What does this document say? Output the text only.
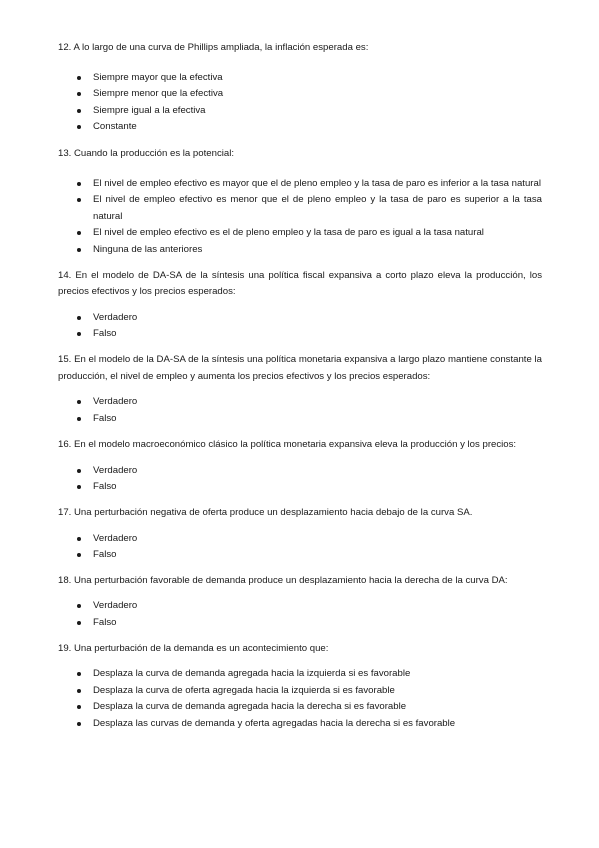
12. A lo largo de una curva de Phillips ampliada, la inflación esperada es:

Siempre mayor que la efectiva
Siempre menor que la efectiva
Siempre igual a la efectiva
Constante

13. Cuando la producción es la potencial:

El nivel de empleo efectivo es mayor que el de pleno empleo y la tasa de paro es inferior a la tasa natural
El nivel de empleo efectivo es menor que el de pleno empleo y la tasa de paro es superior a la tasa natural
El nivel de empleo efectivo es el de pleno empleo y la tasa de paro es igual a la tasa natural
Ninguna de las anteriores

14. En el modelo de DA-SA de la síntesis una política fiscal expansiva a corto plazo eleva la producción, los precios efectivos y los precios esperados:

Verdadero
Falso

15. En el modelo de la DA-SA de la síntesis una política monetaria expansiva a largo plazo mantiene constante la producción, el nivel de empleo y aumenta los precios efectivos y los precios esperados:

Verdadero
Falso

16. En el modelo macroeconómico clásico la política monetaria expansiva eleva la producción y los precios:

Verdadero
Falso

17. Una perturbación negativa de oferta produce un desplazamiento hacia debajo de la curva SA.

Verdadero
Falso

18. Una perturbación favorable de demanda produce un desplazamiento hacia la derecha de la curva DA:

Verdadero
Falso

19. Una perturbación de la demanda es un acontecimiento que:

Desplaza la curva de demanda agregada hacia la izquierda si es favorable
Desplaza la curva de oferta agregada hacia la izquierda si es favorable
Desplaza la curva de demanda agregada hacia la derecha si es favorable
Desplaza las curvas de demanda y oferta agregadas hacia la derecha si es favorable
